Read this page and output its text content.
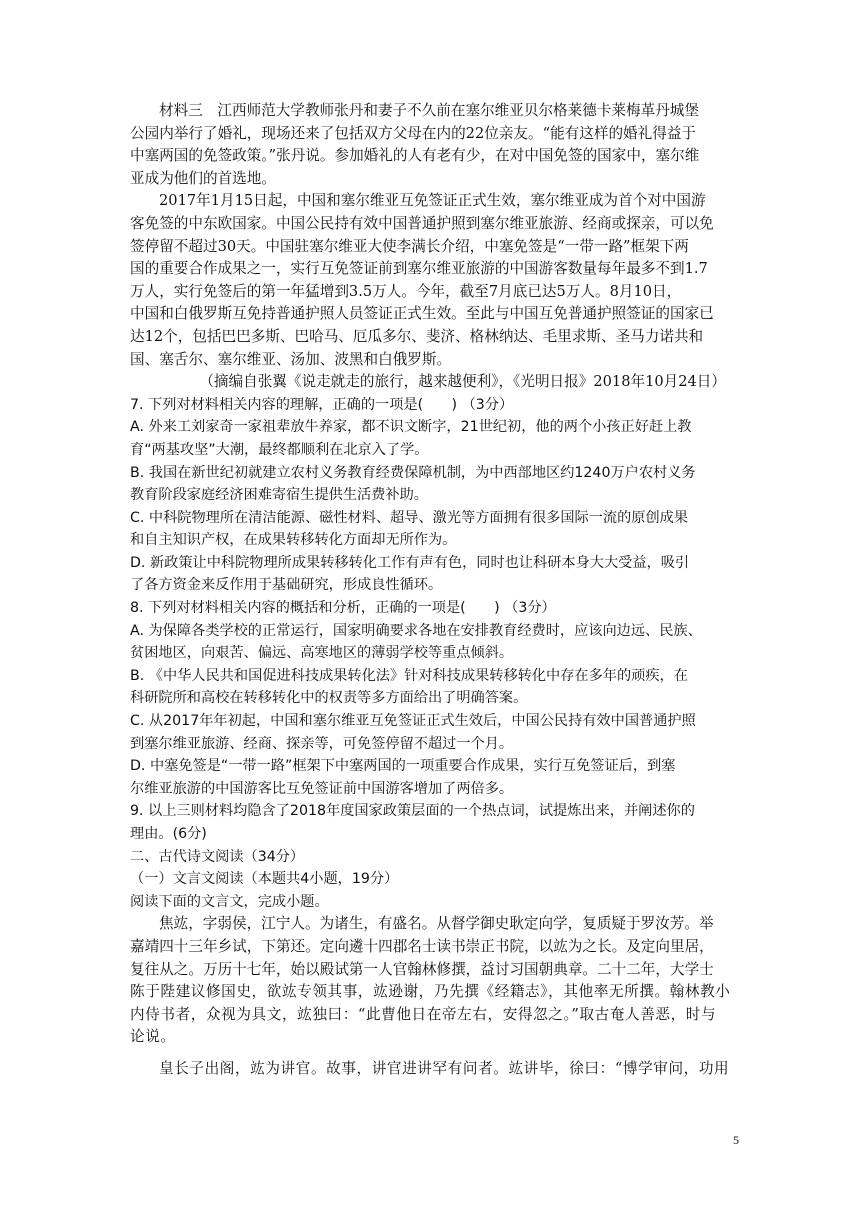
材料三　江西师范大学教师张丹和妻子不久前在塞尔维亚贝尔格莱德卡莱梅革丹城堡
公园内举行了婚礼，现场还来了包括双方父母在内的22位亲友。“能有这样的婚礼得益于
中塞两国的免签政策。”张丹说。参加婚礼的人有老有少，在对中国免签的国家中，塞尔维
亚成为他们的首选地。
2017年1月15日起，中国和塞尔维亚互免签证正式生效，塞尔维亚成为首个对中国游
客免签的中东欧国家。中国公民持有效中国普通护照到塞尔维亚旅游、经商或探亲，可以免
签停留不超过30天。中国驻塞尔维亚大使李满长介绍，中塞免签是“一带一路”框架下两
国的重要合作成果之一，实行互免签证前到塞尔维亚旅游的中国游客数量每年最多不到1.7
万人，实行免签后的第一年猛增到3.5万人。今年，截至7月底已达5万人。8月10日，
中国和白俄罗斯互免持普通护照人员签证正式生效。至此与中国互免普通护照签证的国家已
达12个，包括巴巴多斯、巴哈马、厄瓜多尔、斐济、格林纳达、毛里求斯、圣马力诺共和
国、塞舌尔、塞尔维亚、汤加、波黑和白俄罗斯。
（摘编自张翼《说走就走的旅行，越来越便利》，《光明日报》2018年10月24日）
7. 下列对材料相关内容的理解，正确的一项是(　　) （3分）
A. 外来工刘家奇一家祖辈放牛养家，都不识文断字，21世纪初，他的两个小孩正好赶上教
育“两基攻坚”大潮，最终都顺利在北京入了学。
B. 我国在新世纪初就建立农村义务教育经费保障机制，为中西部地区约1240万户农村义务
教育阶段家庭经济困难寄宿生提供生活费补助。
C. 中科院物理所在清洁能源、磁性材料、超导、激光等方面拥有很多国际一流的原创成果
和自主知识产权，在成果转移转化方面却无所作为。
D. 新政策让中科院物理所成果转移转化工作有声有色，同时也让科研本身大大受益，吸引
了各方资金来反作用于基础研究，形成良性循环。
8. 下列对材料相关内容的概括和分析，正确的一项是(　　) （3分）
A. 为保障各类学校的正常运行，国家明确要求各地在安排教育经费时，应该向边远、民族、
贫困地区，向艰苦、偏远、高寒地区的薄弱学校等重点倾斜。
B. 《中华人民共和国促进科技成果转化法》针对科技成果转移转化中存在多年的顽疾，在
科研院所和高校在转移转化中的权责等多方面给出了明确答案。
C. 从2017年年初起，中国和塞尔维亚互免签证正式生效后，中国公民持有效中国普通护照
到塞尔维亚旅游、经商、探亲等，可免签停留不超过一个月。
D. 中塞免签是“一带一路”框架下中塞两国的一项重要合作成果，实行互免签证后，到塞
尔维亚旅游的中国游客比互免签证前中国游客增加了两倍多。
9. 以上三则材料均隐含了2018年度国家政策层面的一个热点词，试提炼出来，并阐述你的
理由。(6分)
二、古代诗文阅读（34分）
（一）文言文阅读（本题共4小题，19分）
阅读下面的文言文，完成小题。
焦竑，字弱侯，江宁人。为诸生，有盛名。从督学御史耿定向学，复质疑于罗汝芳。举
嘉靖四十三年乡试，下第还。定向遴十四郡名士读书崇正书院，以竑为之长。及定向里居，
复往从之。万历十七年，始以殿试第一人官翰林修撰，益讨习国朝典章。二十二年，大学士
陈于陛建议修国史，欲竑专领其事，竑逊谢，乃先撰《经籍志》，其他率无所撰。翰林教小
内侍书者，众视为具文，竑独曰：“此曹他日在帝左右，安得忽之。”取古奄人善恶，时与
论说。
皇长子出阁，竑为讲官。故事，讲官进讲罕有问者。竑讲毕，徐曰：“博学审问，功用
5
